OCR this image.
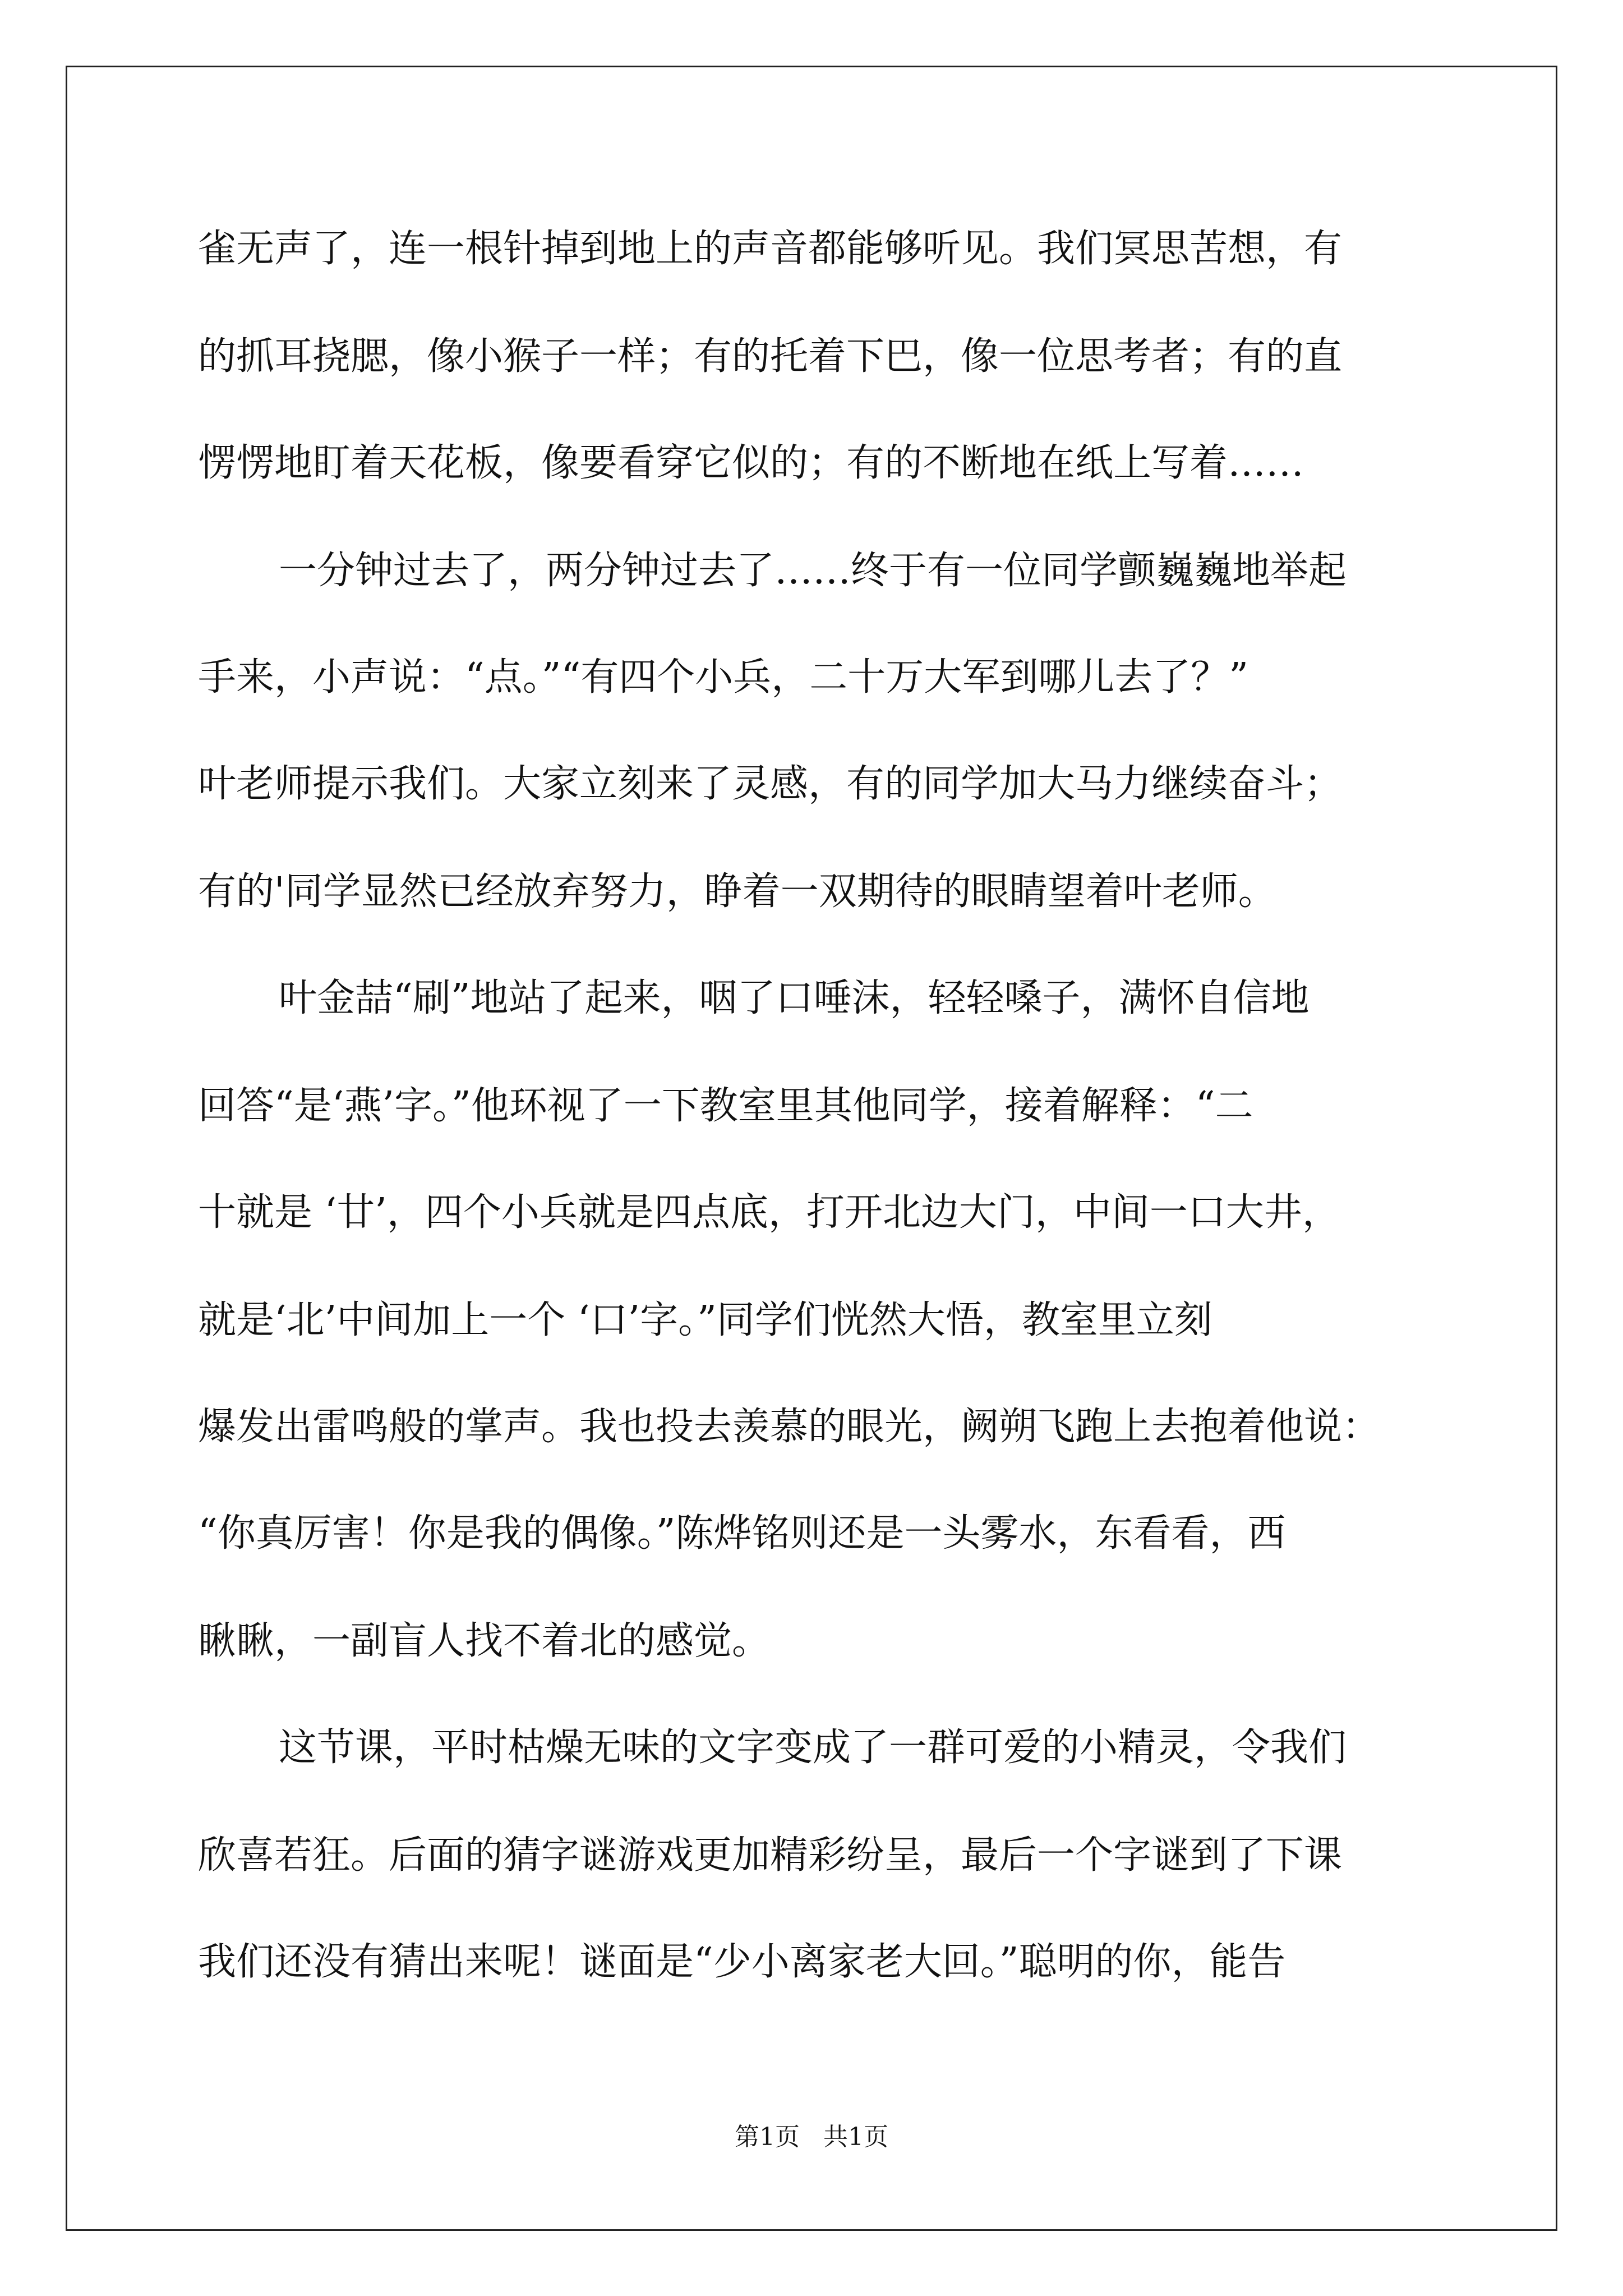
雀无声了，连一根针掉到地上的声音都能够听见。我们冥思苦想，有

的抓耳挠腮，像小猴子一样；有的托着下巴，像一位思考者；有的直

愣愣地盯着天花板，像要看穿它似的；有的不断地在纸上写着……

一分钟过去了，两分钟过去了……终于有一位同学颤巍巍地举起

手来，小声说：“点。”“有四个小兵，二十万大军到哪儿去了？”

叶老师提示我们。大家立刻来了灵感，有的同学加大马力继续奋斗；

有的'同学显然已经放弃努力，睁着一双期待的眼睛望着叶老师。

叶金喆“刷”地站了起来，咽了口唾沫，轻轻嗓子，满怀自信地

回答“是‘燕’字。”他环视了一下教室里其他同学，接着解释：“二

十就是 ‘廿’，四个小兵就是四点底，打开北边大门，中间一口大井，

就是‘北’中间加上一个 ‘口’字。”同学们恍然大悟，教室里立刻

爆发出雷鸣般的掌声。我也投去羡慕的眼光，阙朔飞跑上去抱着他说：

“你真厉害！你是我的偶像。”陈烨铭则还是一头雾水，东看看，西

瞅瞅，一副盲人找不着北的感觉。

这节课，平时枯燥无味的文字变成了一群可爱的小精灵，令我们

欣喜若狂。后面的猜字谜游戏更加精彩纷呈，最后一个字谜到了下课

我们还没有猜出来呢！谜面是“少小离家老大回。”聪明的你，能告

第1页   共1页
